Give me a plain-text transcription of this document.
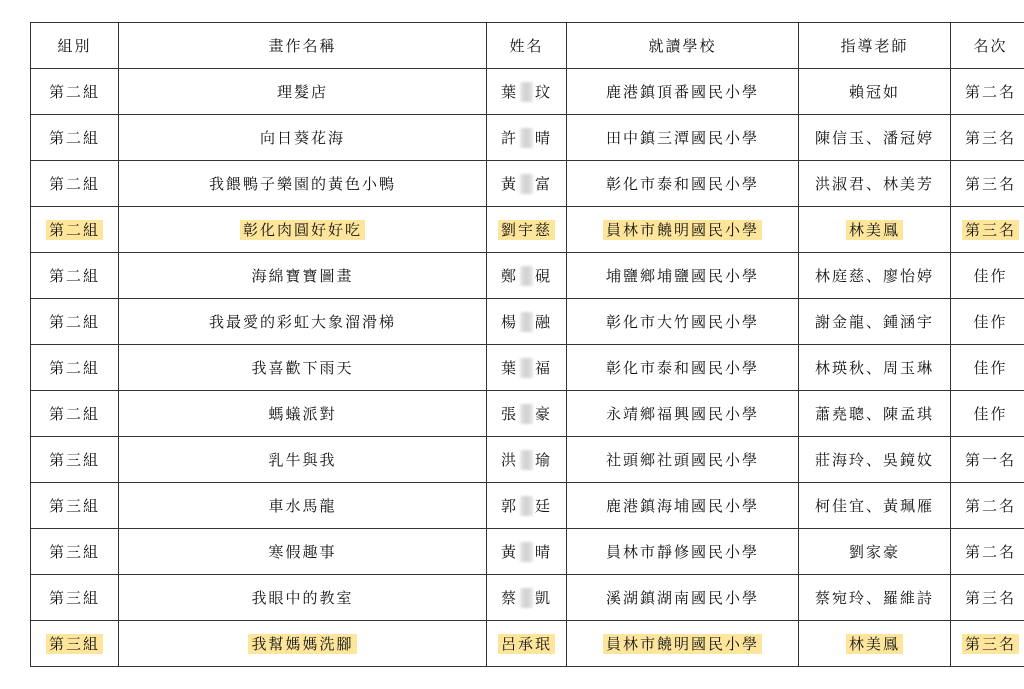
組別	畫作名稱	姓名	就讀學校	指導老師	名次
第二組	理髮店	葉 玟	鹿港鎮頂番國民小學	賴冠如	第二名
第二組	向日葵花海	許 晴	田中鎮三潭國民小學	陳信玉、潘冠婷	第三名
第二組	我餵鴨子樂園的黃色小鴨	黃 富	彰化市泰和國民小學	洪淑君、林美芳	第三名
第二組	彰化肉圓好好吃	劉宇慈	員林市饒明國民小學	林美鳳	第三名
第二組	海綿寶寶圖畫	鄭 硯	埔鹽鄉埔鹽國民小學	林庭慈、廖怡婷	佳作
第二組	我最愛的彩虹大象溜滑梯	楊 融	彰化市大竹國民小學	謝金龍、鍾涵宇	佳作
第二組	我喜歡下雨天	葉 福	彰化市泰和國民小學	林瑛秋、周玉琳	佳作
第二組	螞蟻派對	張 豪	永靖鄉福興國民小學	蕭堯聰、陳孟琪	佳作
第三組	乳牛與我	洪 瑜	社頭鄉社頭國民小學	莊海玲、吳鏡妏	第一名
第三組	車水馬龍	郭 廷	鹿港鎮海埔國民小學	柯佳宜、黃珮雁	第二名
第三組	寒假趣事	黃 晴	員林市靜修國民小學	劉家豪	第二名
第三組	我眼中的教室	蔡 凱	溪湖鎮湖南國民小學	蔡宛玲、羅維詩	第三名
第三組	我幫媽媽洗腳	呂承珉	員林市饒明國民小學	林美鳳	第三名
